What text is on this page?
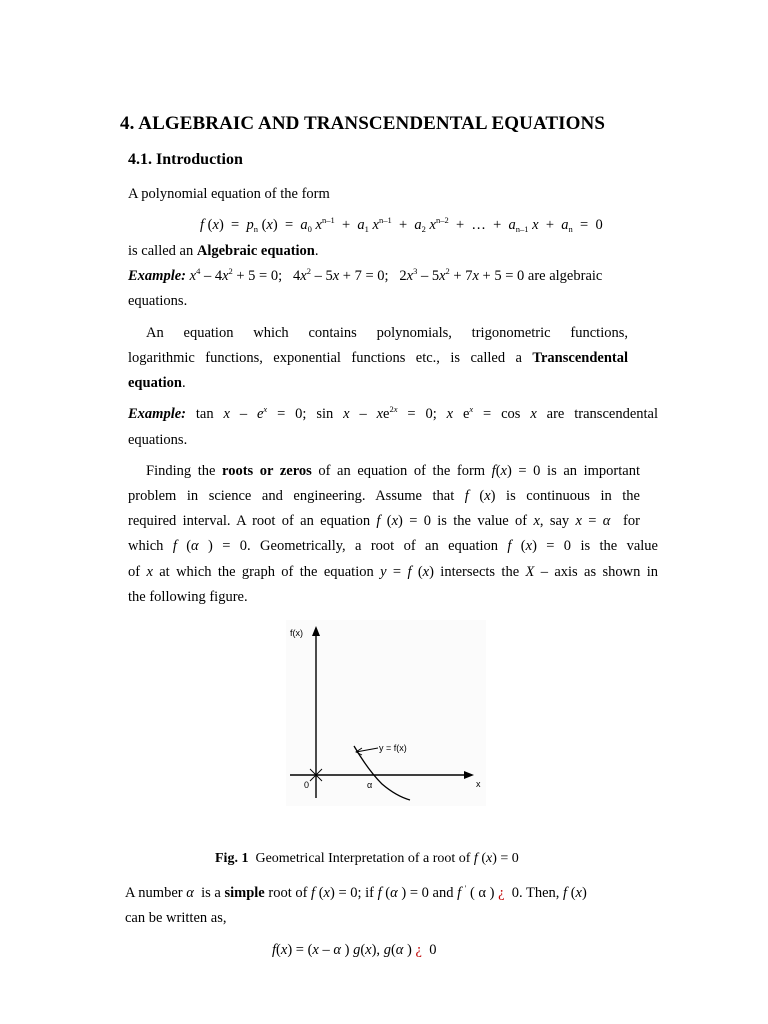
4. ALGEBRAIC AND TRANSCENDENTAL EQUATIONS
4.1. Introduction
A polynomial equation of the form
f $(x) = p_n$ $(x) = a_0$ $x^{n-1} + a_1$ $x^{n-1} + a_2$ $x^{n-2}$  +  …  +  $a_{n-1}$ $x + a_n = 0$
is called an Algebraic equation.
Example: $x^4 - 4x^2 + 5 = 0$;   $4x^2 - 5x + 7 = 0$;   $2x^3 - 5x^2 + 7x + 5 = 0$ are algebraic
equations.
An equation which contains polynomials, trigonometric functions,
logarithmic functions, exponential functions etc., is called a Transcendental
equation.
Example: $\tan x - e^x = 0$; $\sin x - xe^{2x} = 0$; x $e^x = \cos x$ are transcendental
equations.
Finding the roots or zeros of an equation of the form f(x) = 0 is an important
problem in science and engineering. Assume that f (x) is continuous in the
required interval. A root of an equation f (x) = 0 is the value of x, say x = α for
which f (α ) = 0. Geometrically, a root of an equation f (x) = 0 is the value
of x at which the graph of the equation y = f (x) intersects the X – axis as shown in
the following figure.
f(x)
x
0	α
y = f(x)
Fig. 1 Geometrical Interpretation of a root of f (x) = 0
A number α is a simple root of f (x) = 0; if f (α ) = 0 and f ' ( α ) ¿ 0. Then, f (x)
can be written as,
f(x) = (x – α ) g(x), g(α ) ¿  0
